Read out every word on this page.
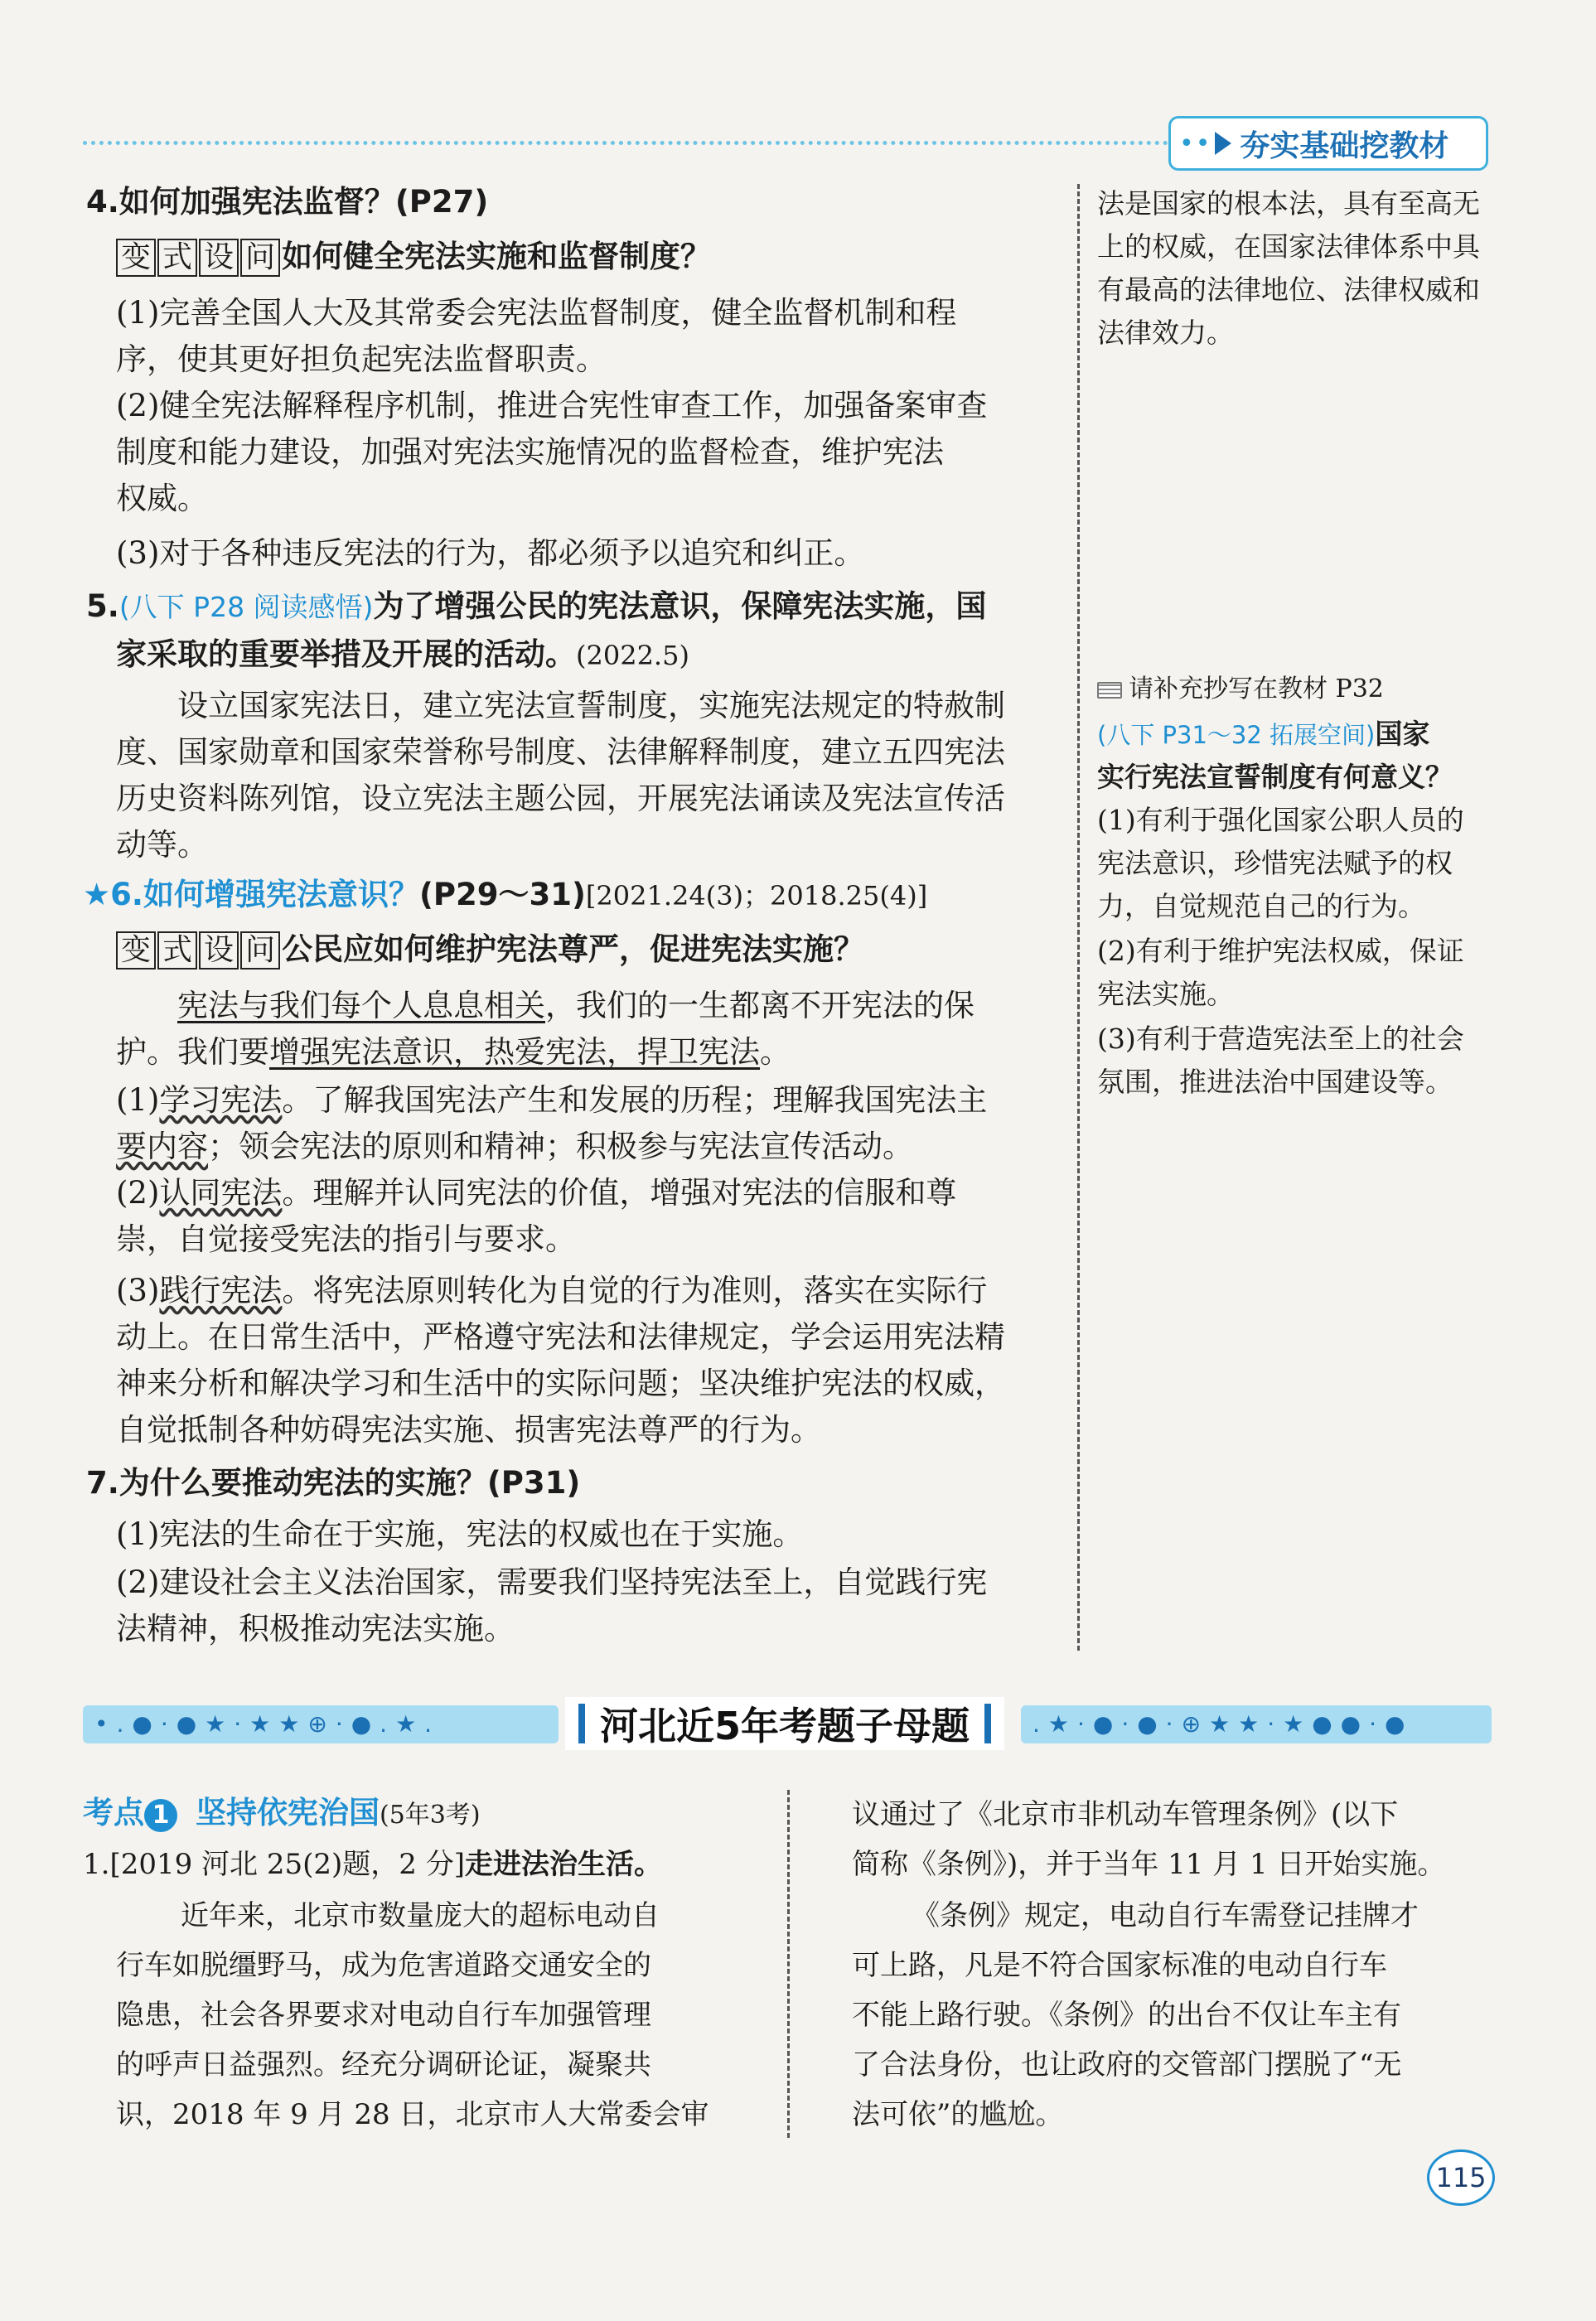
•• 夯实基础挖教材
4.如何加强宪法监督？(P27)
变 式 设 问 如何健全宪法实施和监督制度？
(1)完善全国人大及其常委会宪法监督制度，健全监督机制和程
序，使其更好担负起宪法监督职责。
(2)健全宪法解释程序机制，推进合宪性审查工作，加强备案审查
制度和能力建设，加强对宪法实施情况的监督检查，维护宪法
权威。
(3)对于各种违反宪法的行为，都必须予以追究和纠正。
5.(八下 P28 阅读感悟)为了增强公民的宪法意识，保障宪法实施，国
家采取的重要举措及开展的活动。(2022.5)
设立国家宪法日，建立宪法宣誓制度，实施宪法规定的特赦制
度、国家勋章和国家荣誉称号制度、法律解释制度，建立五四宪法
历史资料陈列馆，设立宪法主题公园，开展宪法诵读及宪法宣传活
动等。
★6.如何增强宪法意识？(P29～31)[2021.24(3)；2018.25(4)]
变 式 设 问 公民应如何维护宪法尊严，促进宪法实施？
宪法与我们每个人息息相关，我们的一生都离不开宪法的保
护。我们要增强宪法意识，热爱宪法，捍卫宪法。
(1)学习宪法。了解我国宪法产生和发展的历程；理解我国宪法主
要内容；领会宪法的原则和精神；积极参与宪法宣传活动。
(2)认同宪法。理解并认同宪法的价值，增强对宪法的信服和尊
崇，自觉接受宪法的指引与要求。
(3)践行宪法。将宪法原则转化为自觉的行为准则，落实在实际行
动上。在日常生活中，严格遵守宪法和法律规定，学会运用宪法精
神来分析和解决学习和生活中的实际问题；坚决维护宪法的权威，
自觉抵制各种妨碍宪法实施、损害宪法尊严的行为。
7.为什么要推动宪法的实施？(P31)
(1)宪法的生命在于实施，宪法的权威也在于实施。
(2)建设社会主义法治国家，需要我们坚持宪法至上，自觉践行宪
法精神，积极推动宪法实施。
法是国家的根本法，具有至高无
上的权威，在国家法律体系中具
有最高的法律地位、法律权威和
法律效力。
请补充抄写在教材 P32
(八下 P31～32 拓展空间)国家
实行宪法宣誓制度有何意义？
(1)有利于强化国家公职人员的
宪法意识，珍惜宪法赋予的权
力，自觉规范自己的行为。
(2)有利于维护宪法权威，保证
宪法实施。
(3)有利于营造宪法至上的社会
氛围，推进法治中国建设等。
•.●·●★·★★⊕·●.★.	河北近5年考题子母题	.★·●·●·⊕★★·★●●·●
考点 1 坚持依宪治国(5年3考)
1.[2019 河北 25(2)题，2 分]走进法治生活。
近年来，北京市数量庞大的超标电动自
行车如脱缰野马，成为危害道路交通安全的
隐患，社会各界要求对电动自行车加强管理
的呼声日益强烈。经充分调研论证，凝聚共
识，2018 年 9 月 28 日，北京市人大常委会审
议通过了《北京市非机动车管理条例》(以下
简称《条例》)，并于当年 11 月 1 日开始实施。
《条例》规定，电动自行车需登记挂牌才
可上路，凡是不符合国家标准的电动自行车
不能上路行驶。《条例》的出台不仅让车主有
了合法身份，也让政府的交管部门摆脱了“无
法可依”的尴尬。
115
